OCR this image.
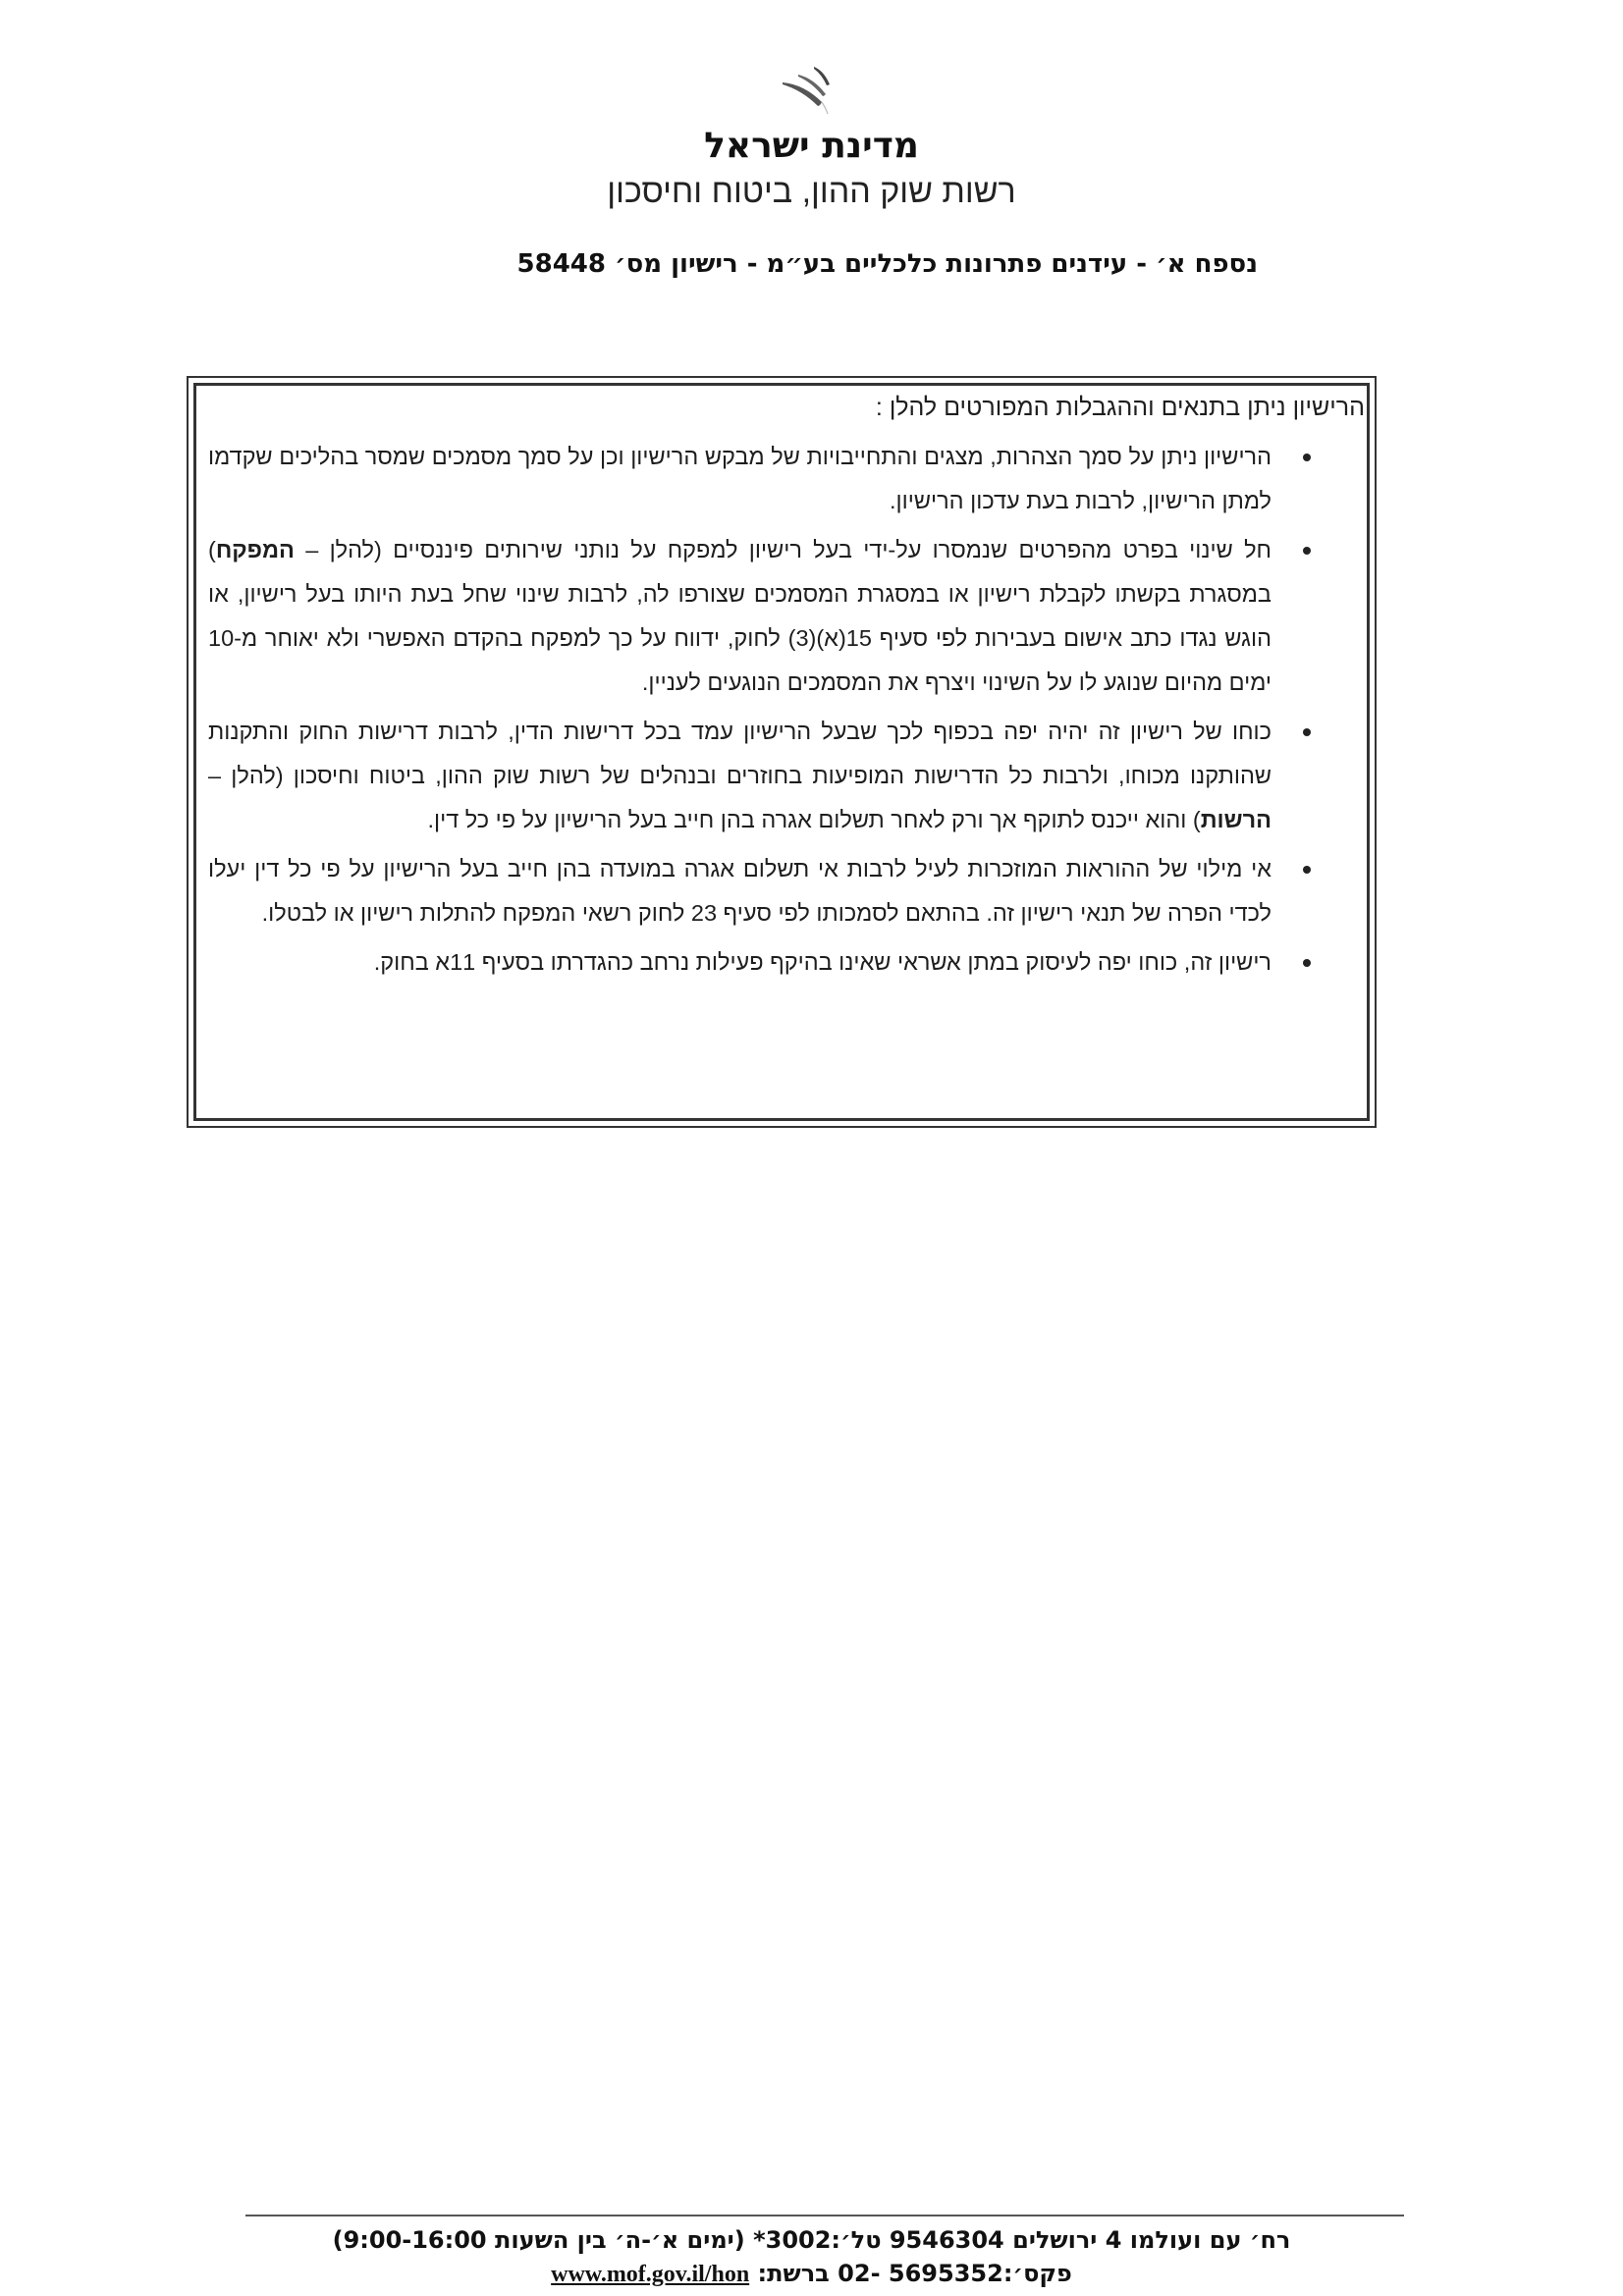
מדינת ישראל
רשות שוק ההון, ביטוח וחיסכון
נספח א׳ - עידנים פתרונות כלכליים בע״מ - רישיון מס׳ 58448

הרישיון ניתן בתנאים וההגבלות המפורטים להלן :

הרישיון ניתן על סמך הצהרות, מצגים והתחייבויות של מבקש הרישיון וכן על סמך מסמכים שמסר בהליכים שקדמו למתן הרישיון, לרבות בעת עדכון הרישיון.
חל שינוי בפרט מהפרטים שנמסרו על-ידי בעל רישיון למפקח על נותני שירותים פיננסיים (להלן – המפקח) במסגרת בקשתו לקבלת רישיון או במסגרת המסמכים שצורפו לה, לרבות שינוי שחל בעת היותו בעל רישיון, או הוגש נגדו כתב אישום בעבירות לפי סעיף 15(א)(3) לחוק, ידווח על כך למפקח בהקדם האפשרי ולא יאוחר מ-10 ימים מהיום שנוגע לו על השינוי ויצרף את המסמכים הנוגעים לעניין.
כוחו של רישיון זה יהיה יפה בכפוף לכך שבעל הרישיון עמד בכל דרישות הדין, לרבות דרישות החוק והתקנות שהותקנו מכוחו, ולרבות כל הדרישות המופיעות בחוזרים ובנהלים של רשות שוק ההון, ביטוח וחיסכון (להלן – הרשות) והוא ייכנס לתוקף אך ורק לאחר תשלום אגרה בהן חייב בעל הרישיון על פי כל דין.
אי מילוי של ההוראות המוזכרות לעיל לרבות אי תשלום אגרה במועדה בהן חייב בעל הרישיון על פי כל דין יעלו לכדי הפרה של תנאי רישיון זה. בהתאם לסמכותו לפי סעיף 23 לחוק רשאי המפקח להתלות רישיון או לבטלו.
רישיון זה, כוחו יפה לעיסוק במתן אשראי שאינו בהיקף פעילות נרחב כהגדרתו בסעיף 11א בחוק.
רח׳ עם ועולמו 4 ירושלים 9546304 טל׳:3002* (ימים א׳-ה׳ בין השעות 9:00-16:00)
פקס׳:5695352 -02 ברשת: www.mof.gov.il/hon
